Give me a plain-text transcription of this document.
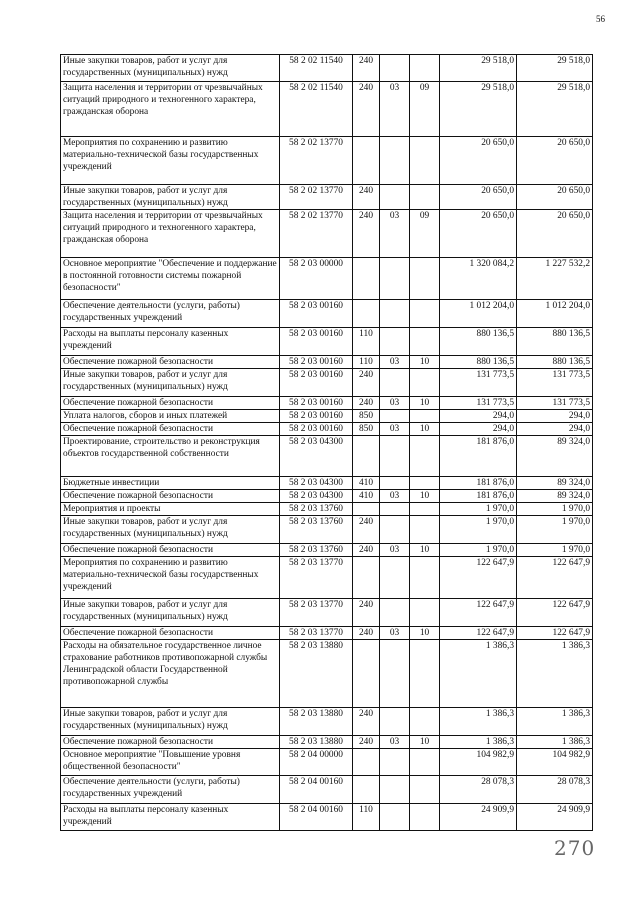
56
Иные закупки товаров, работ и услуг для государственных (муниципальных) нужд	58 2 02 11540	240			29 518,0	29 518,0
Защита населения и территории от чрезвычайных ситуаций природного и техногенного характера, гражданская оборона	58 2 02 11540	240	03	09	29 518,0	29 518,0
Мероприятия по сохранению и развитию материально-технической базы государственных учреждений	58 2 02 13770				20 650,0	20 650,0
Иные закупки товаров, работ и услуг для государственных (муниципальных) нужд	58 2 02 13770	240			20 650,0	20 650,0
Защита населения и территории от чрезвычайных ситуаций природного и техногенного характера, гражданская оборона	58 2 02 13770	240	03	09	20 650,0	20 650,0
Основное мероприятие "Обеспечение и поддержание в постоянной готовности системы пожарной безопасности"	58 2 03 00000				1 320 084,2	1 227 532,2
Обеспечение деятельности (услуги, работы) государственных учреждений	58 2 03 00160				1 012 204,0	1 012 204,0
Расходы на выплаты персоналу казенных учреждений	58 2 03 00160	110			880 136,5	880 136,5
Обеспечение пожарной безопасности	58 2 03 00160	110	03	10	880 136,5	880 136,5
Иные закупки товаров, работ и услуг для государственных (муниципальных) нужд	58 2 03 00160	240			131 773,5	131 773,5
Обеспечение пожарной безопасности	58 2 03 00160	240	03	10	131 773,5	131 773,5
Уплата налогов, сборов и иных платежей	58 2 03 00160	850			294,0	294,0
Обеспечение пожарной безопасности	58 2 03 00160	850	03	10	294,0	294,0
Проектирование, строительство и реконструкция объектов государственной собственности	58 2 03 04300				181 876,0	89 324,0
Бюджетные инвестиции	58 2 03 04300	410			181 876,0	89 324,0
Обеспечение пожарной безопасности	58 2 03 04300	410	03	10	181 876,0	89 324,0
Мероприятия и проекты	58 2 03 13760				1 970,0	1 970,0
Иные закупки товаров, работ и услуг для государственных (муниципальных) нужд	58 2 03 13760	240			1 970,0	1 970,0
Обеспечение пожарной безопасности	58 2 03 13760	240	03	10	1 970,0	1 970,0
Мероприятия по сохранению и развитию материально-технической базы государственных учреждений	58 2 03 13770				122 647,9	122 647,9
Иные закупки товаров, работ и услуг для государственных (муниципальных) нужд	58 2 03 13770	240			122 647,9	122 647,9
Обеспечение пожарной безопасности	58 2 03 13770	240	03	10	122 647,9	122 647,9
Расходы на обязательное государственное личное страхование работников противопожарной службы Ленинградской области Государственной противопожарной службы	58 2 03 13880				1 386,3	1 386,3
Иные закупки товаров, работ и услуг для государственных (муниципальных) нужд	58 2 03 13880	240			1 386,3	1 386,3
Обеспечение пожарной безопасности	58 2 03 13880	240	03	10	1 386,3	1 386,3
Основное мероприятие "Повышение уровня общественной безопасности"	58 2 04 00000				104 982,9	104 982,9
Обеспечение деятельности (услуги, работы) государственных учреждений	58 2 04 00160				28 078,3	28 078,3
Расходы на выплаты персоналу казенных учреждений	58 2 04 00160	110			24 909,9	24 909,9
270
